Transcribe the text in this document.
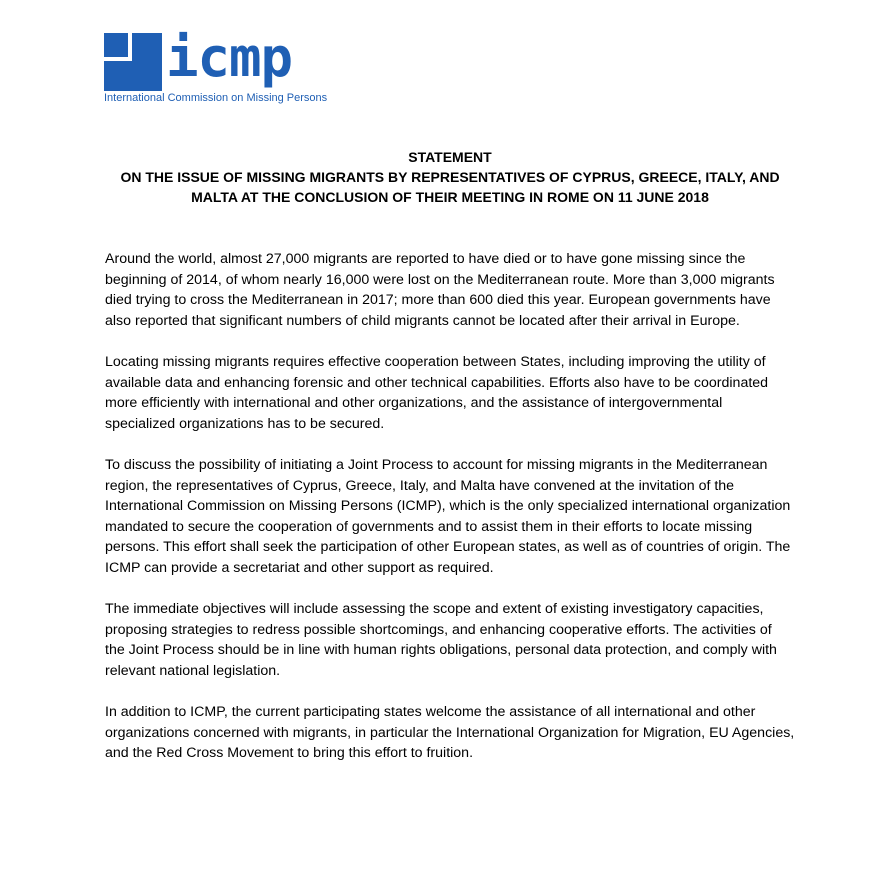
icmp
International Commission on Missing Persons
STATEMENT
ON THE ISSUE OF MISSING MIGRANTS BY REPRESENTATIVES OF CYPRUS, GREECE, ITALY, AND
MALTA AT THE CONCLUSION OF THEIR MEETING IN ROME ON 11 JUNE 2018

Around the world, almost 27,000 migrants are reported to have died or to have gone missing since the beginning of 2014, of whom nearly 16,000 were lost on the Mediterranean route. More than 3,000 migrants died trying to cross the Mediterranean in 2017; more than 600 died this year. European governments have also reported that significant numbers of child migrants cannot be located after their arrival in Europe.

Locating missing migrants requires effective cooperation between States, including improving the utility of available data and enhancing forensic and other technical capabilities. Efforts also have to be coordinated more efficiently with international and other organizations, and the assistance of intergovernmental specialized organizations has to be secured.

To discuss the possibility of initiating a Joint Process to account for missing migrants in the Mediterranean region, the representatives of Cyprus, Greece, Italy, and Malta have convened at the invitation of the International Commission on Missing Persons (ICMP), which is the only specialized international organization mandated to secure the cooperation of governments and to assist them in their efforts to locate missing persons. This effort shall seek the participation of other European states, as well as of countries of origin. The ICMP can provide a secretariat and other support as required.

The immediate objectives will include assessing the scope and extent of existing investigatory capacities, proposing strategies to redress possible shortcomings, and enhancing cooperative efforts. The activities of the Joint Process should be in line with human rights obligations, personal data protection, and comply with relevant national legislation.

In addition to ICMP, the current participating states welcome the assistance of all international and other organizations concerned with migrants, in particular the International Organization for Migration, EU Agencies, and the Red Cross Movement to bring this effort to fruition.
